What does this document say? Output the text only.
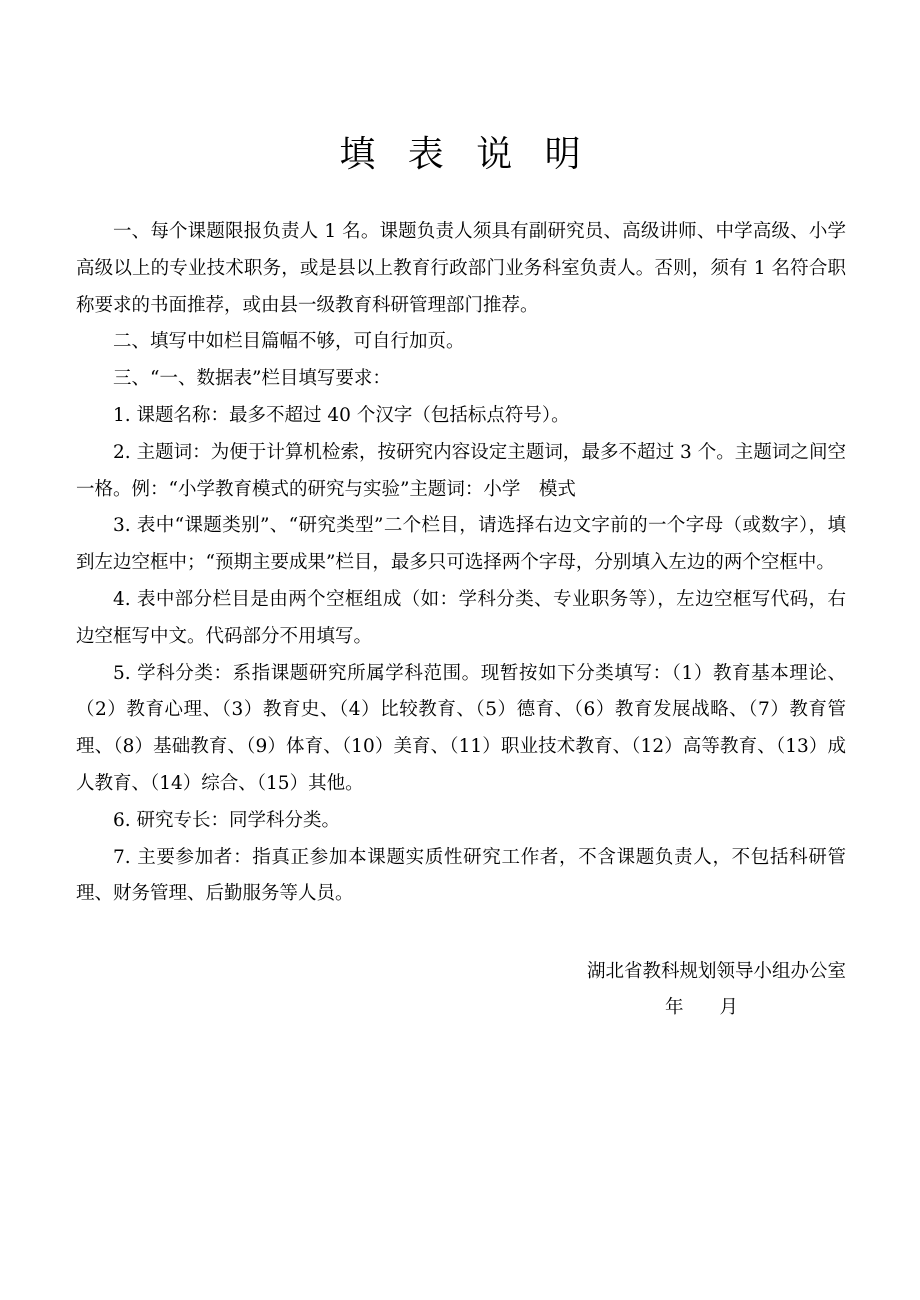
填表说明

一、每个课题限报负责人 1 名。课题负责人须具有副研究员、高级讲师、中学高级、小学高级以上的专业技术职务，或是县以上教育行政部门业务科室负责人。否则，须有 1 名符合职称要求的书面推荐，或由县一级教育科研管理部门推荐。

二、填写中如栏目篇幅不够，可自行加页。

三、“一、数据表”栏目填写要求：

1. 课题名称：最多不超过 40 个汉字（包括标点符号）。

2. 主题词：为便于计算机检索，按研究内容设定主题词，最多不超过 3 个。主题词之间空一格。例：“小学教育模式的研究与实验”主题词：小学　模式

3. 表中“课题类别”、“研究类型”二个栏目，请选择右边文字前的一个字母（或数字），填到左边空框中；“预期主要成果”栏目，最多只可选择两个字母，分别填入左边的两个空框中。

4. 表中部分栏目是由两个空框组成（如：学科分类、专业职务等），左边空框写代码，右边空框写中文。代码部分不用填写。

5. 学科分类：系指课题研究所属学科范围。现暂按如下分类填写：（1）教育基本理论、（2）教育心理、（3）教育史、（4）比较教育、（5）德育、（6）教育发展战略、（7）教育管理、（8）基础教育、（9）体育、（10）美育、（11）职业技术教育、（12）高等教育、（13）成人教育、（14）综合、（15）其他。

6. 研究专长：同学科分类。

7. 主要参加者：指真正参加本课题实质性研究工作者，不含课题负责人，不包括科研管理、财务管理、后勤服务等人员。

湖北省教科规划领导小组办公室
年 月
